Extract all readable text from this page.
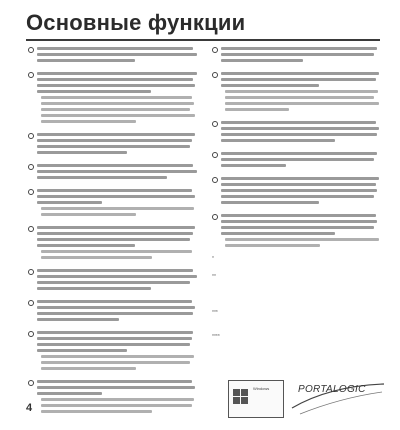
Основные функции
*
**
***
****
4
Windows	PORTALOGIC
